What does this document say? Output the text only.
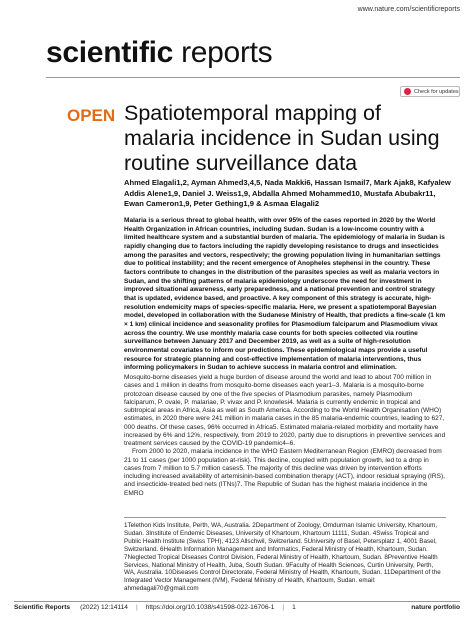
www.nature.com/scientificreports
scientific reports
Check for updates
OPEN Spatiotemporal mapping of malaria incidence in Sudan using routine surveillance data
Ahmed Elagali1,2, Ayman Ahmed3,4,5, Nada Makki6, Hassan Ismail7, Mark Ajak8, Kafyalew Addis Alene1,9, Daniel J. Weiss1,9, Abdalla Ahmed Mohammed10, Mustafa Abubakr11, Ewan Cameron1,9, Peter Gething1,9 & Asmaa Elagali2
Malaria is a serious threat to global health, with over 95% of the cases reported in 2020 by the World Health Organization in African countries, including Sudan. Sudan is a low-income country with a limited healthcare system and a substantial burden of malaria. The epidemiology of malaria in Sudan is rapidly changing due to factors including the rapidly developing resistance to drugs and insecticides among the parasites and vectors, respectively; the growing population living in humanitarian settings due to political instability; and the recent emergence of Anopheles stephensi in the country. These factors contribute to changes in the distribution of the parasites species as well as malaria vectors in Sudan, and the shifting patterns of malaria epidemiology underscore the need for investment in improved situational awareness, early preparedness, and a national prevention and control strategy that is updated, evidence based, and proactive. A key component of this strategy is accurate, high-resolution endemicity maps of species-specific malaria. Here, we present a spatiotemporal Bayesian model, developed in collaboration with the Sudanese Ministry of Health, that predicts a fine-scale (1 km × 1 km) clinical incidence and seasonality profiles for Plasmodium falciparum and Plasmodium vivax across the country. We use monthly malaria case counts for both species collected via routine surveillance between January 2017 and December 2019, as well as a suite of high-resolution environmental covariates to inform our predictions. These epidemiological maps provide a useful resource for strategic planning and cost-effective implementation of malaria interventions, thus informing policymakers in Sudan to achieve success in malaria control and elimination.

Mosquito-borne diseases yield a huge burden of disease around the world and lead to about 700 million in cases and 1 million in deaths from mosquito-borne diseases each year1–3. Malaria is a mosquito-borne protozoan disease caused by one of the five species of Plasmodium parasites, namely Plasmodium falciparum, P. ovale, P. malariae, P. vivax and P. knowlesi4. Malaria is currently endemic in tropical and subtropical areas in Africa, Asia as well as South America. According to the World Health Organisation (WHO) estimates, in 2020 there were 241 million in malaria cases in the 85 malaria-endemic countries, leading to 627, 000 deaths. Of these cases, 96% occurred in Africa5. Estimated malaria-related morbidity and mortality have increased by 6% and 12%, respectively, from 2019 to 2020, partly due to disruptions in preventive services and treatment services caused by the COVID-19 pandemic4–6.

From 2000 to 2020, malaria incidence in the WHO Eastern Mediterranean Region (EMRO) decreased from 21 to 11 cases (per 1000 population at-risk). This decline, coupled with population growth, led to a drop in cases from 7 million to 5.7 million cases5. The majority of this decline was driven by intervention efforts including increased availability of artemisinin-based combination therapy (ACT), indoor residual spraying (IRS), and insecticide-treated bed nets (ITNs)7. The Republic of Sudan has the highest malaria incidence in the EMRO

1Telethon Kids Institute, Perth, WA, Australia. 2Department of Zoology, Omdurman Islamic University, Khartoum, Sudan. 3Institute of Endemic Diseases, University of Khartoum, Khartoum 11111, Sudan. 4Swiss Tropical and Public Health Institute (Swiss TPH), 4123 Allschwil, Switzerland. 5University of Basel, Petersplatz 1, 4001 Basel, Switzerland. 6Health Information Management and Informatics, Federal Ministry of Health, Khartoum, Sudan. 7Neglected Tropical Diseases Control Division, Federal Ministry of Health, Khartoum, Sudan. 8Preventive Health Services, National Ministry of Health, Juba, South Sudan. 9Faculty of Health Sciences, Curtin University, Perth, WA, Australia. 10Diseases Control Directorate, Federal Ministry of Health, Khartoum, Sudan. 11Department of the Integrated Vector Management (IVM), Federal Ministry of Health, Khartoum, Sudan. email: ahmedagali70@gmail.com
Scientific Reports (2022) 12:14114 | https://doi.org/10.1038/s41598-022-16706-1 | 1	nature portfolio
